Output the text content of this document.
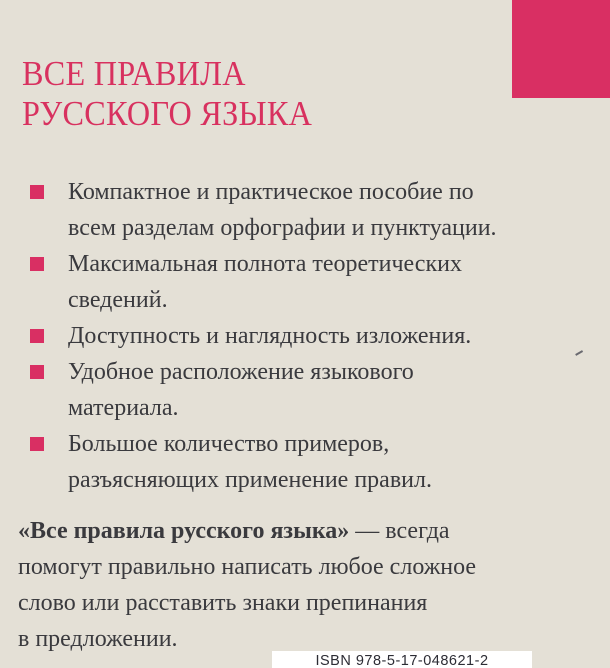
ВСЕ ПРАВИЛА
РУССКОГО ЯЗЫКА
Компактное и практическое пособие по
всем разделам орфографии и пунктуации.
Максимальная полнота теоретических
сведений.
Доступность и наглядность изложения.
Удобное расположение языкового
материала.
Большое количество примеров,
разъясняющих применение правил.

«Все правила русского языка» — всегда
помогут правильно написать любое сложное
слово или расставить знаки препинания
в предложении.

ISBN 978-5-17-048621-2
